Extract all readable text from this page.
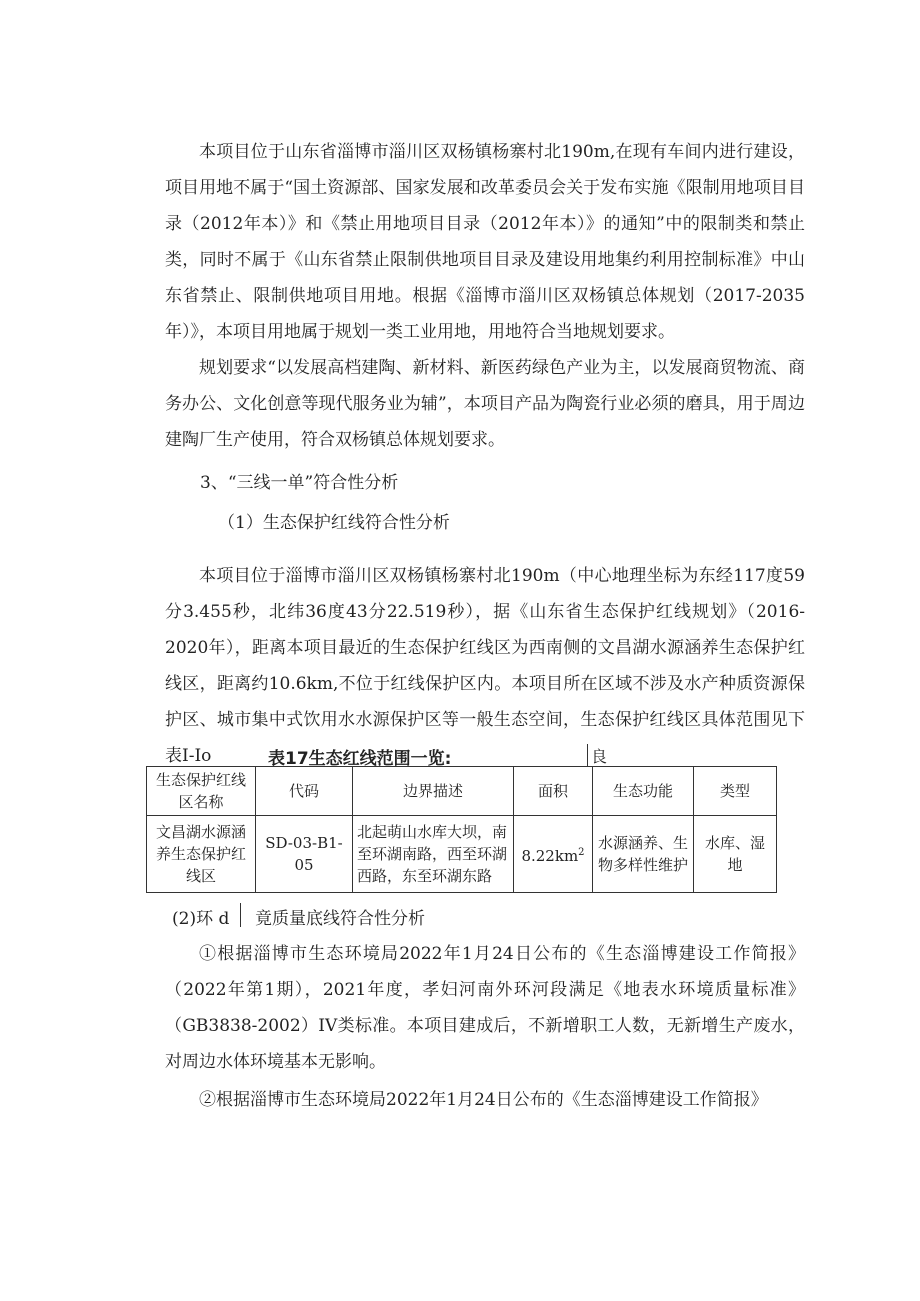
本项目位于山东省淄博市淄川区双杨镇杨寨村北190m,在现有车间内进行建设，项目用地不属于“国土资源部、国家发展和改革委员会关于发布实施《限制用地项目目录（2012年本）》和《禁止用地项目目录（2012年本）》的通知”中的限制类和禁止类，同时不属于《山东省禁止限制供地项目目录及建设用地集约利用控制标准》中山东省禁止、限制供地项目用地。根据《淄博市淄川区双杨镇总体规划（2017-2035年）》，本项目用地属于规划一类工业用地，用地符合当地规划要求。

规划要求“以发展高档建陶、新材料、新医药绿色产业为主，以发展商贸物流、商务办公、文化创意等现代服务业为辅”，本项目产品为陶瓷行业必须的磨具，用于周边建陶厂生产使用，符合双杨镇总体规划要求。

3、“三线一单”符合性分析

（1）生态保护红线符合性分析

本项目位于淄博市淄川区双杨镇杨寨村北190m（中心地理坐标为东经117度59分3.455秒，北纬36度43分22.519秒），据《山东省生态保护红线规划》（2016-2020年），距离本项目最近的生态保护红线区为西南侧的文昌湖水源涵养生态保护红线区，距离约10.6km,不位于红线保护区内。本项目所在区域不涉及水产种质资源保护区、城市集中式饮用水水源保护区等一般生态空间，生态保护红线区具体范围见下表I-Io	表17生态红线范围一览:	良
生态保护红线区名称	代码	边界描述	面积	生态功能	类型
文昌湖水源涵养生态保护红线区	SD-03-B1-05	北起萌山水库大坝，南至环湖南路，西至环湖西路，东至环湖东路	$8.22km^2$	水源涵养、生物多样性维护	水库、湿地
(2)环 d 竟质量底线符合性分析

①根据淄博市生态环境局2022年1月24日公布的《生态淄博建设工作简报》（2022年第1期），2021年度，孝妇河南外环河段满足《地表水环境质量标准》（GB3838-2002）IV类标准。本项目建成后，不新增职工人数，无新增生产废水，对周边水体环境基本无影响。

②根据淄博市生态环境局2022年1月24日公布的《生态淄博建设工作简报》
